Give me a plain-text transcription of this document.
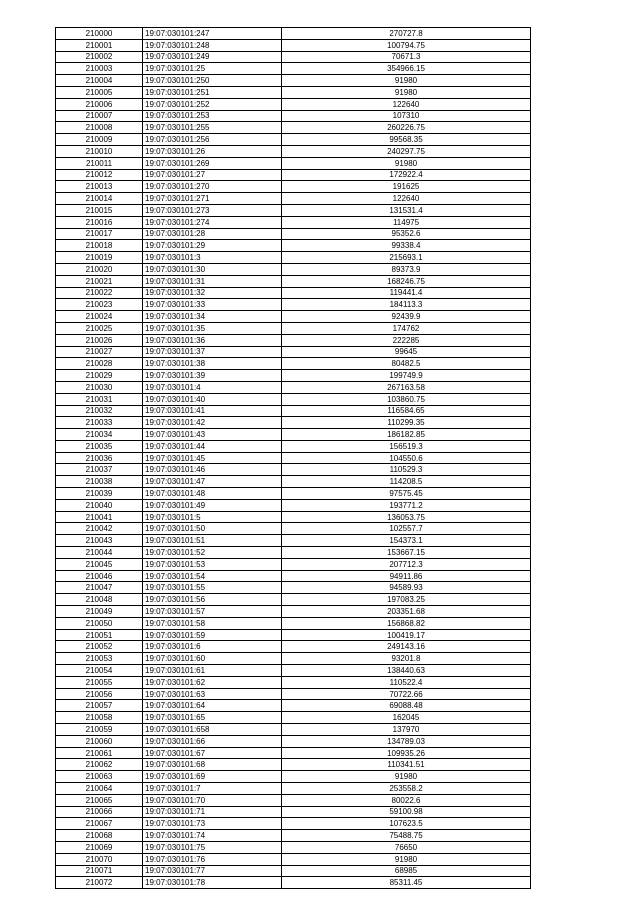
210000	19:07:030101:247	270727.8
210001	19:07:030101:248	100794.75
210002	19:07:030101:249	70671.3
210003	19:07:030101:25	354966.15
210004	19:07:030101:250	91980
210005	19:07:030101:251	91980
210006	19:07:030101:252	122640
210007	19:07:030101:253	107310
210008	19:07:030101:255	260226.75
210009	19:07:030101:256	99568.35
210010	19:07:030101:26	240297.75
210011	19:07:030101:269	91980
210012	19:07:030101:27	172922.4
210013	19:07:030101:270	191625
210014	19:07:030101:271	122640
210015	19:07:030101:273	131531.4
210016	19:07:030101:274	114975
210017	19:07:030101:28	95352.6
210018	19:07:030101:29	99338.4
210019	19:07:030101:3	215693.1
210020	19:07:030101:30	89373.9
210021	19:07:030101:31	168246.75
210022	19:07:030101:32	119441.4
210023	19:07:030101:33	184113.3
210024	19:07:030101:34	92439.9
210025	19:07:030101:35	174762
210026	19:07:030101:36	222285
210027	19:07:030101:37	99645
210028	19:07:030101:38	80482.5
210029	19:07:030101:39	199749.9
210030	19:07:030101:4	267163.58
210031	19:07:030101:40	103860.75
210032	19:07:030101:41	116584.65
210033	19:07:030101:42	110299.35
210034	19:07:030101:43	186182.85
210035	19:07:030101:44	156519.3
210036	19:07:030101:45	104550.6
210037	19:07:030101:46	110529.3
210038	19:07:030101:47	114208.5
210039	19:07:030101:48	97575.45
210040	19:07:030101:49	193771.2
210041	19:07:030101:5	136053.75
210042	19:07:030101:50	102557.7
210043	19:07:030101:51	154373.1
210044	19:07:030101:52	153667.15
210045	19:07:030101:53	207712.3
210046	19:07:030101:54	94911.86
210047	19:07:030101:55	94589.93
210048	19:07:030101:56	197083.25
210049	19:07:030101:57	203351.68
210050	19:07:030101:58	156868.82
210051	19:07:030101:59	100419.17
210052	19:07:030101:6	249143.16
210053	19:07:030101:60	93201.8
210054	19:07:030101:61	138440.63
210055	19:07:030101:62	110522.4
210056	19:07:030101:63	70722.66
210057	19:07:030101:64	69088.48
210058	19:07:030101:65	162045
210059	19:07:030101:658	137970
210060	19:07:030101:66	134789.03
210061	19:07:030101:67	109935.26
210062	19:07:030101:68	110341.51
210063	19:07:030101:69	91980
210064	19:07:030101:7	253558.2
210065	19:07:030101:70	80022.6
210066	19:07:030101:71	59100.98
210067	19:07:030101:73	107623.5
210068	19:07:030101:74	75488.75
210069	19:07:030101:75	76650
210070	19:07:030101:76	91980
210071	19:07:030101:77	68985
210072	19:07:030101:78	85311.45
